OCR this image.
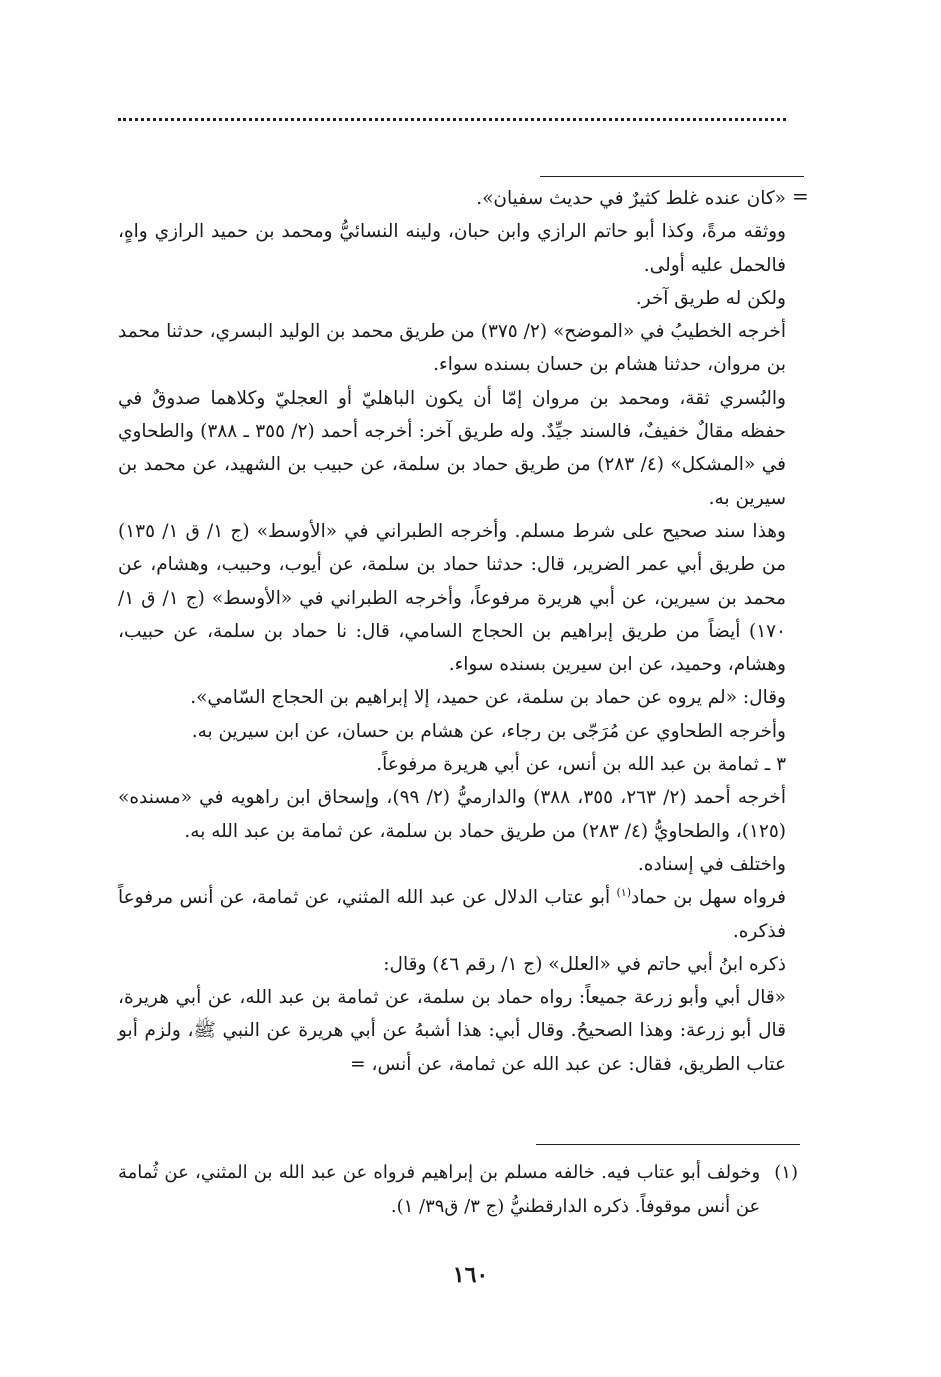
=

«كان عنده غلط كثيرٌ في حديث سفيان».

ووثقه مرةً، وكذا أبو حاتم الرازي وابن حبان، ولينه النسائيُّ ومحمد بن حميد الرازي واهٍ، فالحمل عليه أولى.

ولكن له طريق آخر.

أخرجه الخطيبُ في «الموضح» (٢/ ٣٧٥) من طريق محمد بن الوليد البسري، حدثنا محمد بن مروان، حدثنا هشام بن حسان بسنده سواء.

والبُسري ثقة، ومحمد بن مروان إمّا أن يكون الباهليّ أو العجليّ وكلاهما صدوقٌ في حفظه مقالٌ خفيفٌ، فالسند جيِّدٌ. وله طريق آخر: أخرجه أحمد (٢/ ٣٥٥ ـ ٣٨٨) والطحاوي في «المشكل» (٤/ ٢٨٣) من طريق حماد بن سلمة، عن حبيب بن الشهيد، عن محمد بن سيرين به.

وهذا سند صحيح على شرط مسلم. وأخرجه الطبراني في «الأوسط» (ج ١/ ق ١/ ١٣٥) من طريق أبي عمر الضرير، قال: حدثنا حماد بن سلمة، عن أيوب، وحبيب، وهشام، عن محمد بن سيرين، عن أبي هريرة مرفوعاً، وأخرجه الطبراني في «الأوسط» (ج ١/ ق ١/ ١٧٠) أيضاً من طريق إبراهيم بن الحجاج السامي، قال: نا حماد بن سلمة، عن حبيب، وهشام، وحميد، عن ابن سيرين بسنده سواء.

وقال: «لم يروه عن حماد بن سلمة، عن حميد، إلا إبراهيم بن الحجاج السّامي».

وأخرجه الطحاوي عن مُرَجّى بن رجاء، عن هشام بن حسان، عن ابن سيرين به.

٣ ـ ثمامة بن عبد الله بن أنس، عن أبي هريرة مرفوعاً.

أخرجه أحمد (٢/ ٢٦٣، ٣٥٥، ٣٨٨) والدارميُّ (٢/ ٩٩)، وإسحاق ابن راهويه في «مسنده» (١٢٥)، والطحاويُّ (٤/ ٢٨٣) من طريق حماد بن سلمة، عن ثمامة بن عبد الله به.

واختلف في إسناده.

فرواه سهل بن حماد$^{(١)}$ أبو عتاب الدلال عن عبد الله المثني، عن ثمامة، عن أنس مرفوعاً فذكره.

ذكره ابنُ أبي حاتم في «العلل» (ج ١/ رقم ٤٦) وقال:

«قال أبي وأبو زرعة جميعاً: رواه حماد بن سلمة، عن ثمامة بن عبد الله، عن أبي هريرة، قال أبو زرعة: وهذا الصحيحُ. وقال أبي: هذا أشبهُ عن أبي هريرة عن النبي ﷺ، ولزم أبو عتاب الطريق، فقال: عن عبد الله عن ثمامة، عن أنس، =

(١)
وخولف أبو عتاب فيه. خالفه مسلم بن إبراهيم فرواه عن عبد الله بن المثني، عن ثُمامة عن أنس موقوفاً. ذكره الدارقطنيُّ (ج ٣/ ق٣٩/ ١).
١٦٠
